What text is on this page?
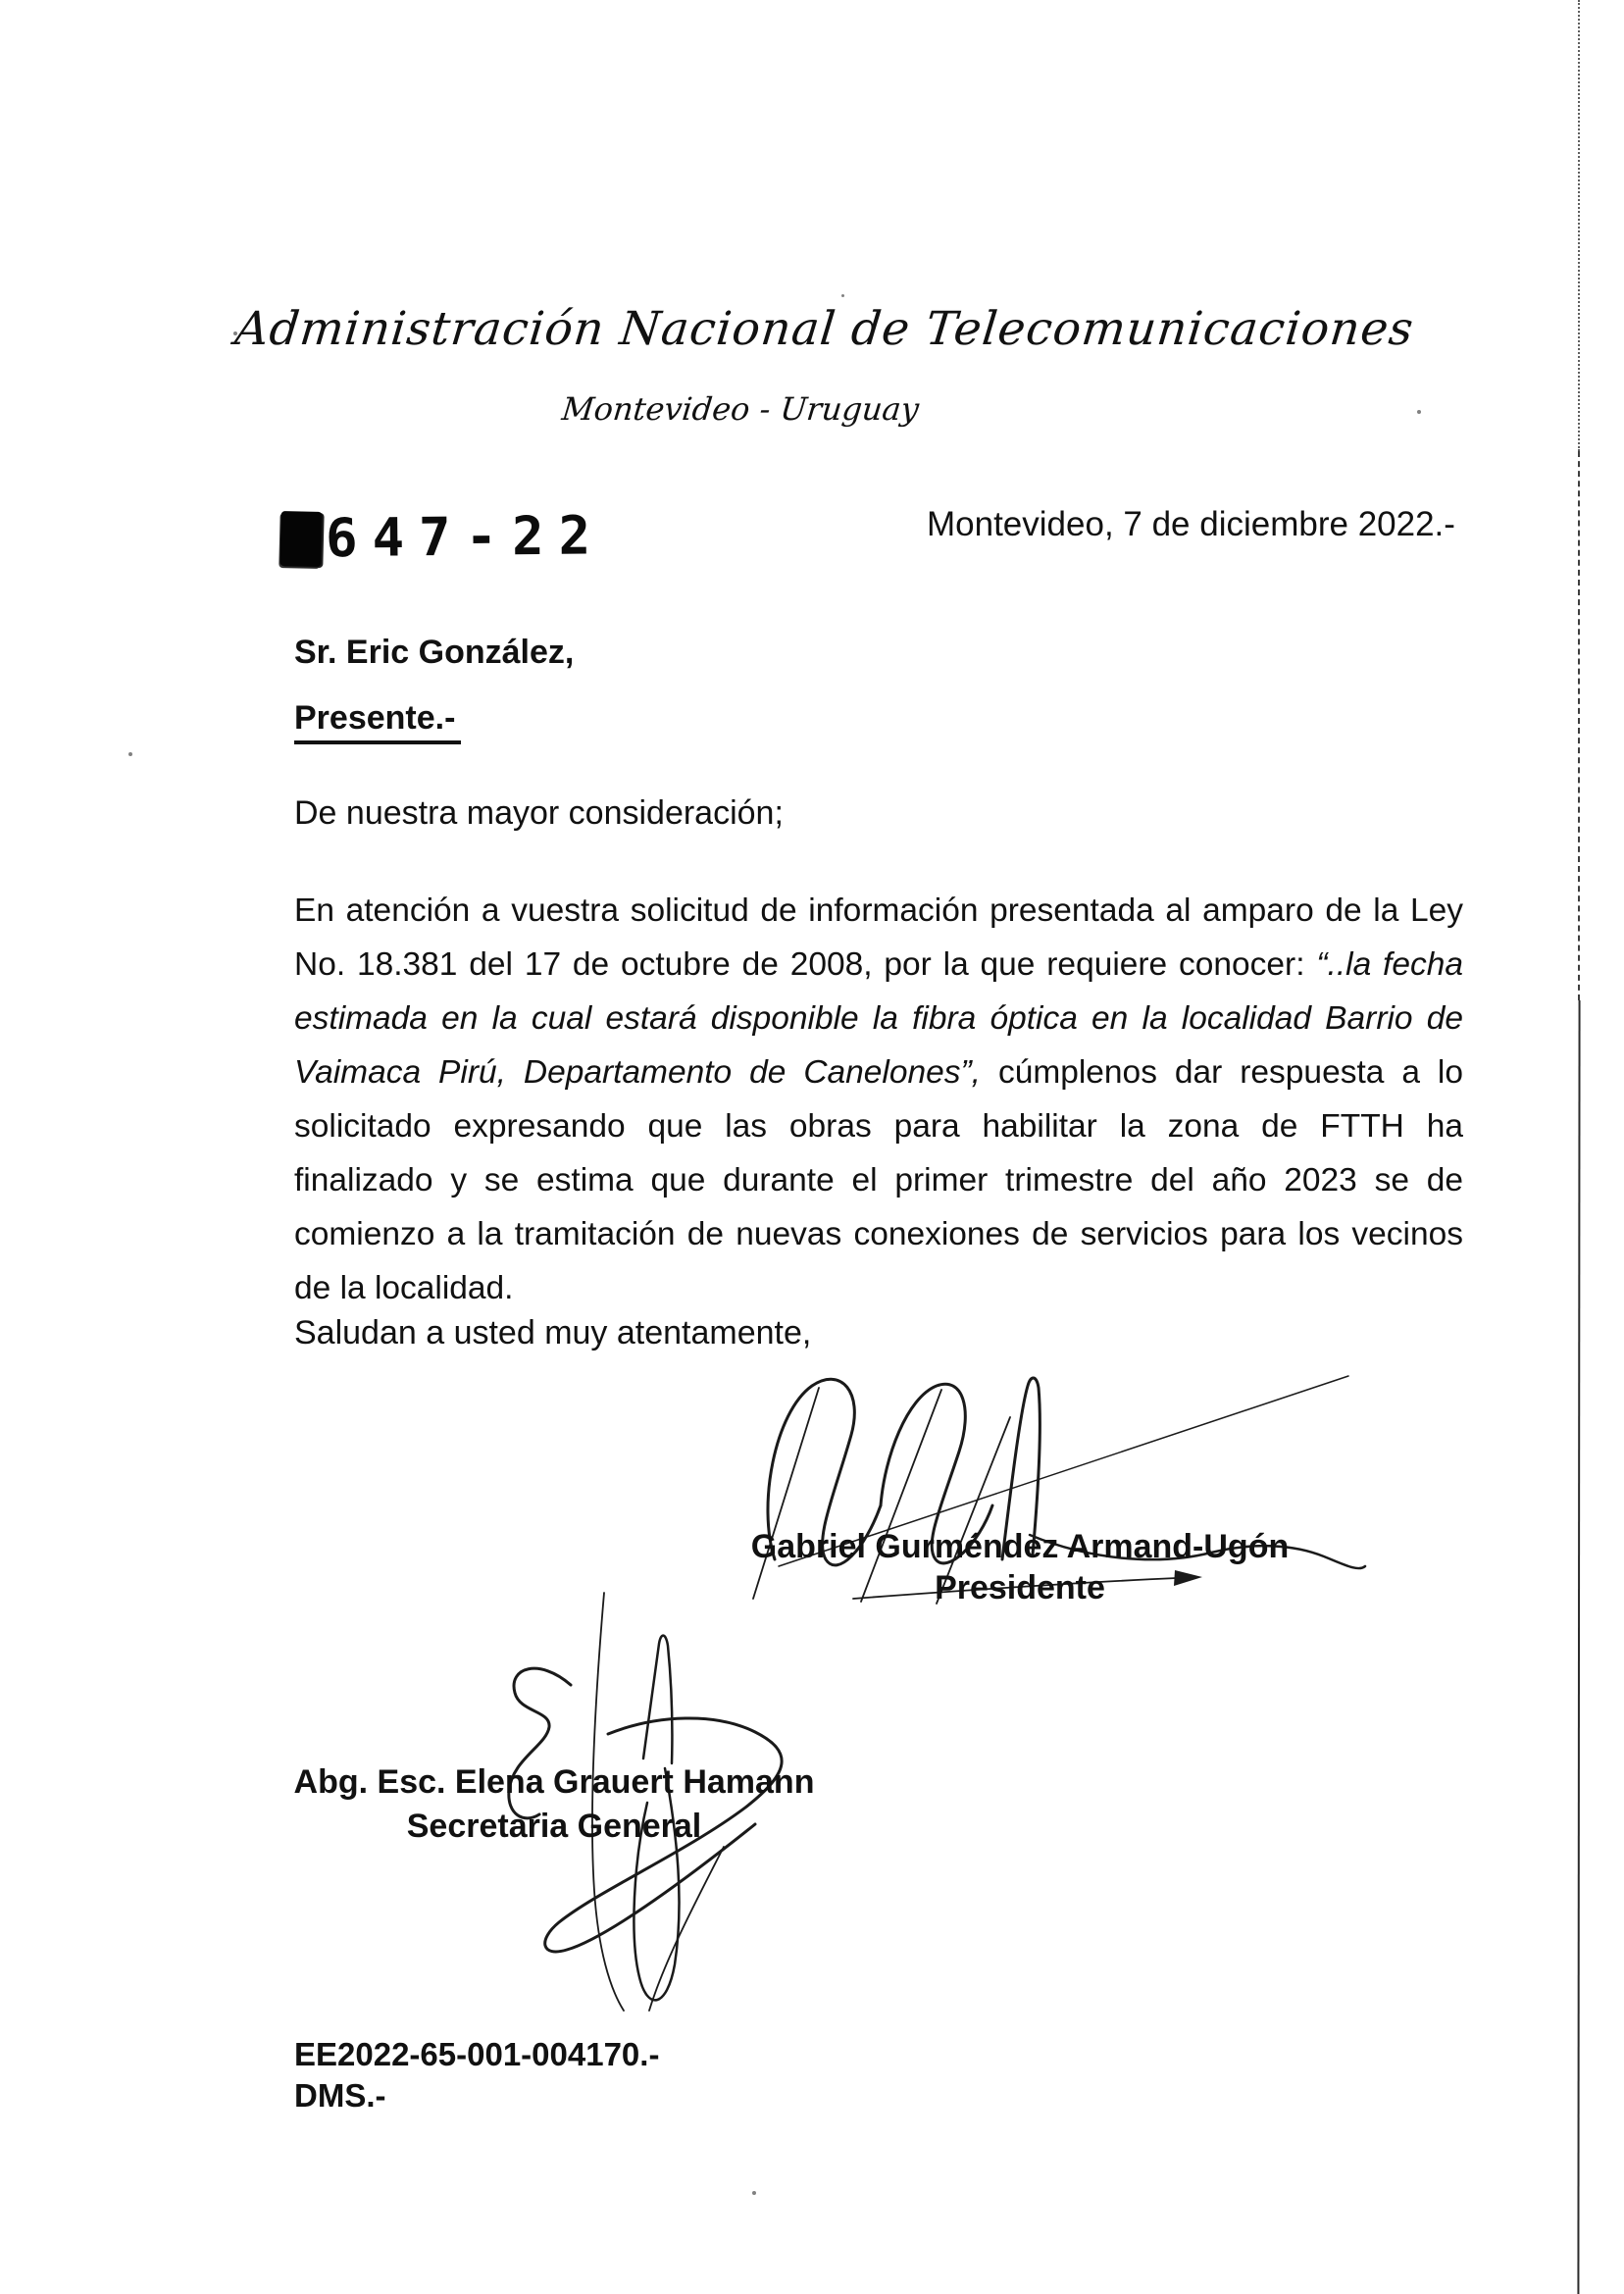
Administración Nacional de Telecomunicaciones
Montevideo - Uruguay
647-22	Montevideo, 7 de diciembre 2022.-
Sr. Eric González,
Presente.-
De nuestra mayor consideración;
En atención a vuestra solicitud de información presentada al amparo de la Ley No. 18.381 del 17 de octubre de 2008, por la que requiere conocer: “..la fecha estimada en la cual estará disponible la fibra óptica en la localidad Barrio de Vaimaca Pirú, Departamento de Canelones”, cúmplenos dar respuesta a lo solicitado expresando que las obras para habilitar la zona de FTTH ha finalizado y se estima que durante el primer trimestre del año 2023 se de comienzo a la tramitación de nuevas conexiones de servicios para los vecinos de la localidad.
Saludan a usted muy atentamente,
Gabriel Gurméndez Armand-Ugón
Presidente
Abg. Esc. Elena Grauert Hamann
Secretaria General
EE2022-65-001-004170.-
DMS.-
